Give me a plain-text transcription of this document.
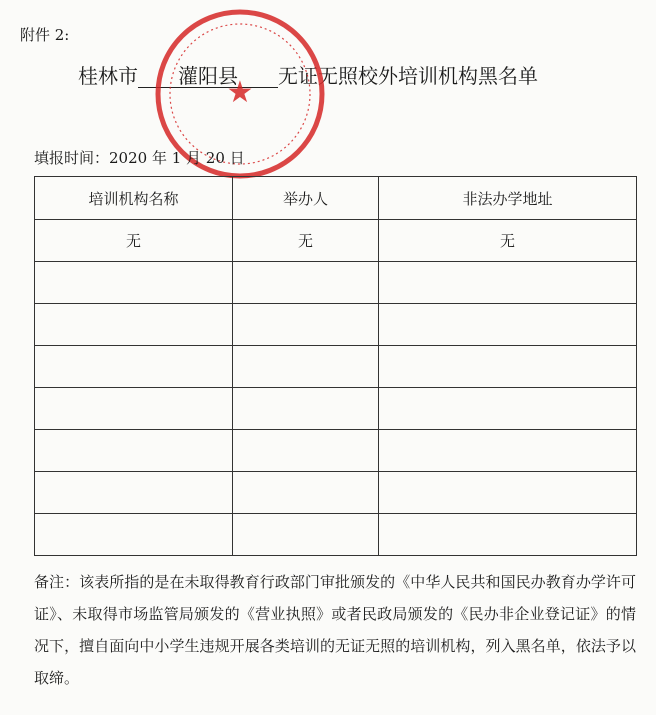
附件 2:
桂林市 灌阳县 无证无照校外培训机构黑名单
★
填报时间：2020 年 1 月 20 日
培训机构名称	举办人	非法办学地址
无	无	无

备注：该表所指的是在未取得教育行政部门审批颁发的《中华人民共和国民办教育办学许可证》、未取得市场监管局颁发的《营业执照》或者民政局颁发的《民办非企业登记证》的情况下，擅自面向中小学生违规开展各类培训的无证无照的培训机构，列入黑名单，依法予以取缔。
